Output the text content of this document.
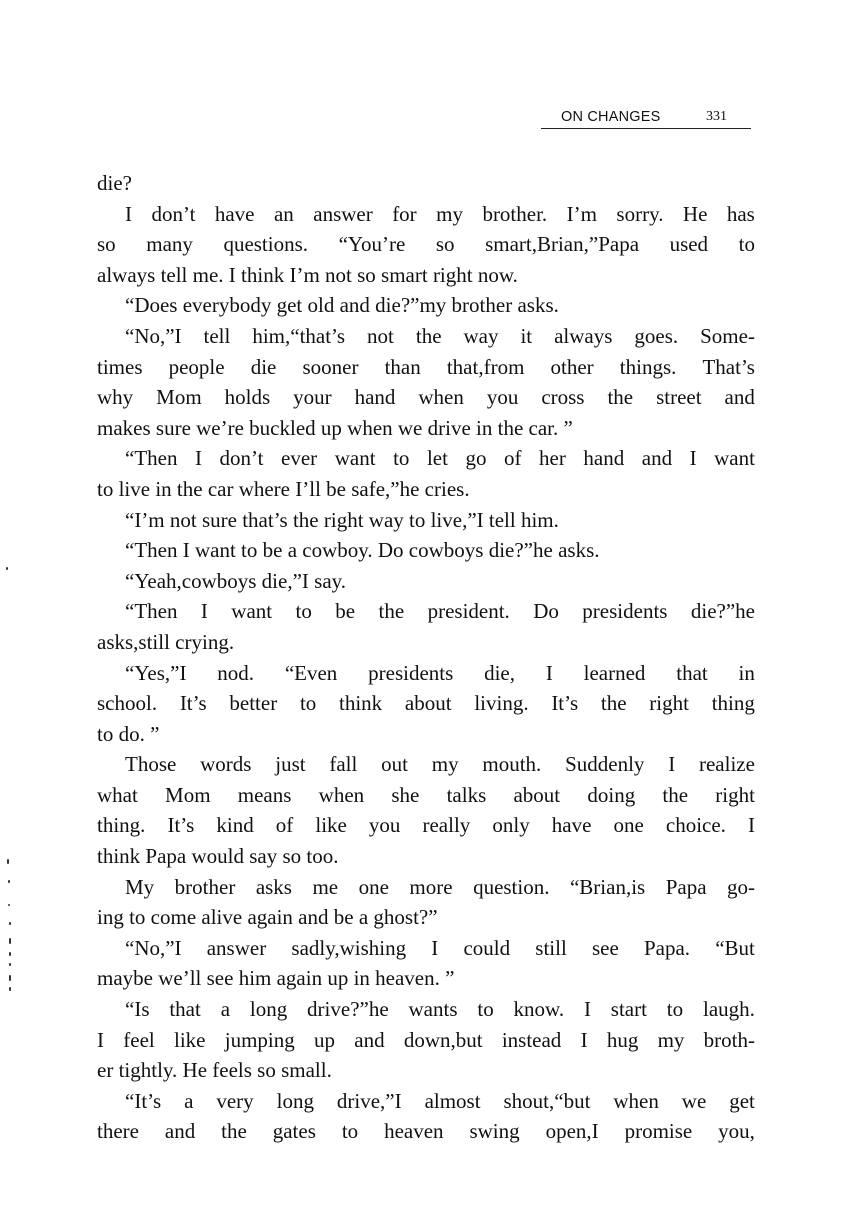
ON CHANGES	331
die?
I don’t have an answer for my brother. I’m sorry. He has
so many questions. “You’re so smart,Brian,”Papa used to
always tell me. I think I’m not so smart right now.
“Does everybody get old and die?”my brother asks.
“No,”I tell him,“that’s not the way it always goes. Some-
times people die sooner than that,from other things. That’s
why Mom holds your hand when you cross the street and
makes sure we’re buckled up when we drive in the car. ”
“Then I don’t ever want to let go of her hand and I want
to live in the car where I’ll be safe,”he cries.
“I’m not sure that’s the right way to live,”I tell him.
“Then I want to be a cowboy. Do cowboys die?”he asks.
“Yeah,cowboys die,”I say.
“Then I want to be the president. Do presidents die?”he
asks,still crying.
“Yes,”I nod. “Even presidents die, I learned that in
school. It’s better to think about living. It’s the right thing
to do. ”
Those words just fall out my mouth. Suddenly I realize
what Mom means when she talks about doing the right
thing. It’s kind of like you really only have one choice. I
think Papa would say so too.
My brother asks me one more question. “Brian,is Papa go-
ing to come alive again and be a ghost?”
“No,”I answer sadly,wishing I could still see Papa. “But
maybe we’ll see him again up in heaven. ”
“Is that a long drive?”he wants to know. I start to laugh.
I feel like jumping up and down,but instead I hug my broth-
er tightly. He feels so small.
“It’s a very long drive,”I almost shout,“but when we get
there and the gates to heaven swing open,I promise you,
